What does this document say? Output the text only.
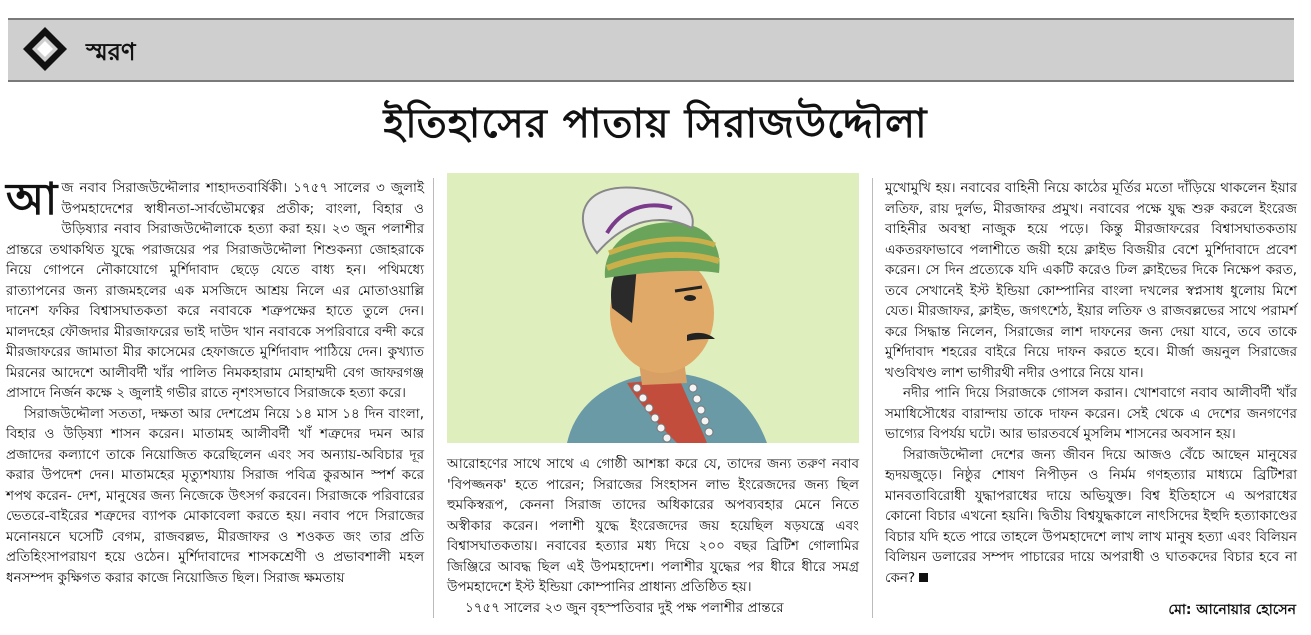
স্মরণ
ইতিহাসের পাতায় সিরাজউদ্দৌলা

আজ নবাব সিরাজউদ্দৌলার শাহাদতবার্ষিকী। ১৭৫৭ সালের ৩ জুলাই উপমহাদেশের স্বাধীনতা-সার্বভৌমত্বের প্রতীক; বাংলা, বিহার ও উড়িষ্যার নবাব সিরাজউদ্দৌলাকে হত্যা করা হয়। ২৩ জুন পলাশীর প্রান্তরে তথাকথিত যুদ্ধে পরাজয়ের পর সিরাজউদ্দৌলা শিশুকন্যা জোহরাকে নিয়ে গোপনে নৌকাযোগে মুর্শিদাবাদ ছেড়ে যেতে বাধ্য হন। পথিমধ্যে রাত্যাপনের জন্য রাজমহলের এক মসজিদে আশ্রয় নিলে এর মোতাওয়াল্লি দানেশ ফকির বিশ্বাসঘাতকতা করে নবাবকে শত্রুপক্ষের হাতে তুলে দেন। মালদহের ফৌজদার মীরজাফরের ভাই দাউদ খান নবাবকে সপরিবারে বন্দী করে মীরজাফরের জামাতা মীর কাসেমের হেফাজতে মুর্শিদাবাদ পাঠিয়ে দেন। কুখ্যাত মিরনের আদেশে আলীবর্দী খাঁর পালিত নিমকহারাম মোহাম্মদী বেগ জাফরগঞ্জ প্রাসাদে নির্জন কক্ষে ২ জুলাই গভীর রাতে নৃশংসভাবে সিরাজকে হত্যা করে।

সিরাজউদ্দৌলা সততা, দক্ষতা আর দেশপ্রেম নিয়ে ১৪ মাস ১৪ দিন বাংলা, বিহার ও উড়িষ্যা শাসন করেন। মাতামহ আলীবর্দী খাঁ শত্রুদের দমন আর প্রজাদের কল্যাণে তাকে নিয়োজিত করেছিলেন এবং সব অন্যায়-অবিচার দূর করার উপদেশ দেন। মাতামহের মৃত্যুশয্যায় সিরাজ পবিত্র কুরআন স্পর্শ করে শপথ করেন- দেশ, মানুষের জন্য নিজেকে উৎসর্গ করবেন। সিরাজকে পরিবারের ভেতরে-বাইরের শত্রুদের ব্যাপক মোকাবেলা করতে হয়। নবাব পদে সিরাজের মনোনয়নে ঘসেটি বেগম, রাজবল্লভ, মীরজাফর ও শওকত জং তার প্রতি প্রতিহিংসাপরায়ণ হয়ে ওঠেন। মুর্শিদাবাদের শাসকশ্রেণী ও প্রভাবশালী মহল ধনসম্পদ কুক্ষিগত করার কাজে নিয়োজিত ছিল। সিরাজ ক্ষমতায়

আরোহণের সাথে সাথে এ গোষ্ঠী আশঙ্কা করে যে, তাদের জন্য তরুণ নবাব 'বিপজ্জনক' হতে পারেন; সিরাজের সিংহাসন লাভ ইংরেজদের জন্য ছিল হুমকিস্বরূপ, কেননা সিরাজ তাদের অধিকারের অপব্যবহার মেনে নিতে অস্বীকার করেন। পলাশী যুদ্ধে ইংরেজদের জয় হয়েছিল ষড়যন্ত্রে এবং বিশ্বাসঘাতকতায়। নবাবের হত্যার মধ্য দিয়ে ২০০ বছর ব্রিটিশ গোলামির জিঞ্জিরে আবদ্ধ ছিল এই উপমহাদেশ। পলাশীর যুদ্ধের পর ধীরে ধীরে সমগ্র উপমহাদেশে ইস্ট ইন্ডিয়া কোম্পানির প্রাধান্য প্রতিষ্ঠিত হয়।

১৭৫৭ সালের ২৩ জুন বৃহস্পতিবার দুই পক্ষ পলাশীর প্রান্তরে

মুখোমুখি হয়। নবাবের বাহিনী নিয়ে কাঠের মূর্তির মতো দাঁড়িয়ে থাকলেন ইয়ার লতিফ, রায় দুর্লভ, মীরজাফর প্রমুখ। নবাবের পক্ষে যুদ্ধ শুরু করলে ইংরেজ বাহিনীর অবস্থা নাজুক হয়ে পড়ে। কিন্তু মীরজাফরের বিশ্বাসঘাতকতায় একতরফাভাবে পলাশীতে জয়ী হয়ে ক্লাইভ বিজয়ীর বেশে মুর্শিদাবাদে প্রবেশ করেন। সে দিন প্রত্যেকে যদি একটি করেও ঢিল ক্লাইভের দিকে নিক্ষেপ করত, তবে সেখানেই ইস্ট ইন্ডিয়া কোম্পানির বাংলা দখলের স্বপ্নসাধ ধুলোয় মিশে যেত। মীরজাফর, ক্লাইভ, জগৎশেঠ, ইয়ার লতিফ ও রাজবল্লভের সাথে পরামর্শ করে সিদ্ধান্ত নিলেন, সিরাজের লাশ দাফনের জন্য দেয়া যাবে, তবে তাকে মুর্শিদাবাদ শহরের বাইরে নিয়ে দাফন করতে হবে। মীর্জা জয়নুল সিরাজের খণ্ডবিখণ্ড লাশ ভাগীরথী নদীর ওপারে নিয়ে যান।

নদীর পানি দিয়ে সিরাজকে গোসল করান। খোশবাগে নবাব আলীবর্দী খাঁর সমাধিসৌধের বারান্দায় তাকে দাফন করেন। সেই থেকে এ দেশের জনগণের ভাগ্যের বিপর্যয় ঘটে। আর ভারতবর্ষে মুসলিম শাসনের অবসান হয়।

সিরাজউদ্দৌলা দেশের জন্য জীবন দিয়ে আজও বেঁচে আছেন মানুষের হৃদয়জুড়ে। নিষ্ঠুর শোষণ নিপীড়ন ও নির্মম গণহত্যার মাধ্যমে ব্রিটিশরা মানবতাবিরোধী যুদ্ধাপরাধের দায়ে অভিযুক্ত। বিশ্ব ইতিহাসে এ অপরাধের কোনো বিচার এখনো হয়নি। দ্বিতীয় বিশ্বযুদ্ধকালে নাৎসিদের ইহুদি হত্যাকাণ্ডের বিচার যদি হতে পারে তাহলে উপমহাদেশে লাখ লাখ মানুষ হত্যা এবং বিলিয়ন বিলিয়ন ডলারের সম্পদ পাচারের দায়ে অপরাধী ও ঘাতকদের বিচার হবে না কেন?

মো: আনোয়ার হোসেন
